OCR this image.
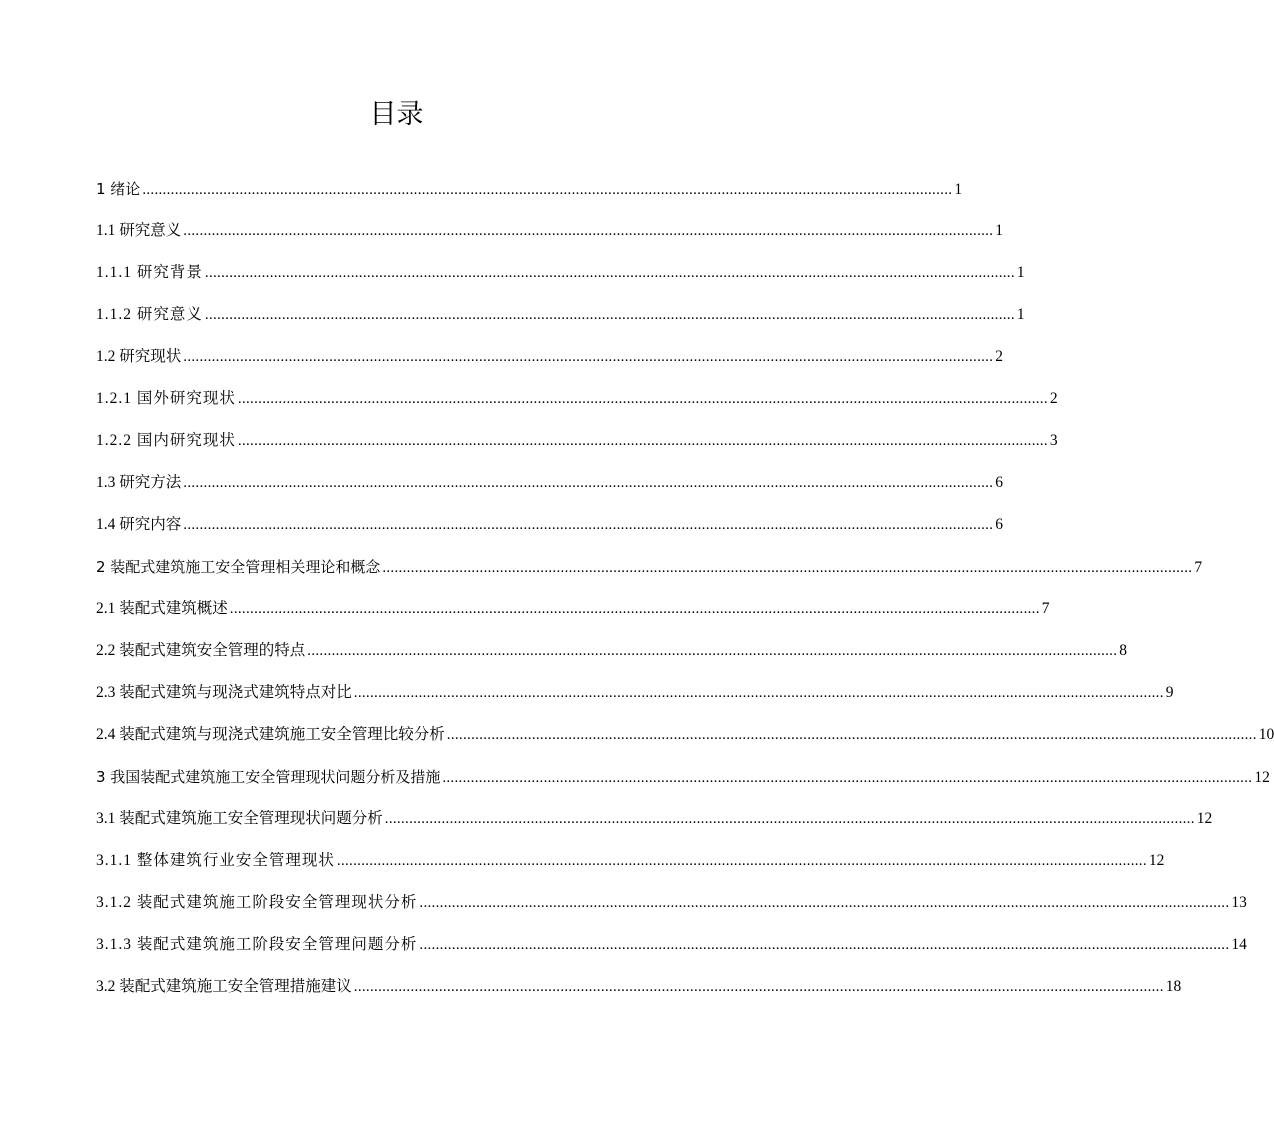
目录
1 绪论 ........................................................................................................................................................................................................ 1
1.1 研究意义 ........................................................................................................................................................................................................ 1
1.1.1 研究背景 ........................................................................................................................................................................................................ 1
1.1.2 研究意义 ........................................................................................................................................................................................................ 1
1.2 研究现状 ........................................................................................................................................................................................................ 2
1.2.1 国外研究现状 ........................................................................................................................................................................................................ 2
1.2.2 国内研究现状 ........................................................................................................................................................................................................ 3
1.3 研究方法 ........................................................................................................................................................................................................ 6
1.4 研究内容 ........................................................................................................................................................................................................ 6
2 装配式建筑施工安全管理相关理论和概念 ........................................................................................................................................................................................................ 7
2.1 装配式建筑概述 ........................................................................................................................................................................................................ 7
2.2 装配式建筑安全管理的特点 ........................................................................................................................................................................................................ 8
2.3 装配式建筑与现浇式建筑特点对比 ........................................................................................................................................................................................................ 9
2.4 装配式建筑与现浇式建筑施工安全管理比较分析 ........................................................................................................................................................................................................ 10
3 我国装配式建筑施工安全管理现状问题分析及措施 ........................................................................................................................................................................................................ 12
3.1 装配式建筑施工安全管理现状问题分析 ........................................................................................................................................................................................................ 12
3.1.1 整体建筑行业安全管理现状 ........................................................................................................................................................................................................ 12
3.1.2 装配式建筑施工阶段安全管理现状分析 ........................................................................................................................................................................................................ 13
3.1.3 装配式建筑施工阶段安全管理问题分析 ........................................................................................................................................................................................................ 14
3.2 装配式建筑施工安全管理措施建议 ........................................................................................................................................................................................................ 18
